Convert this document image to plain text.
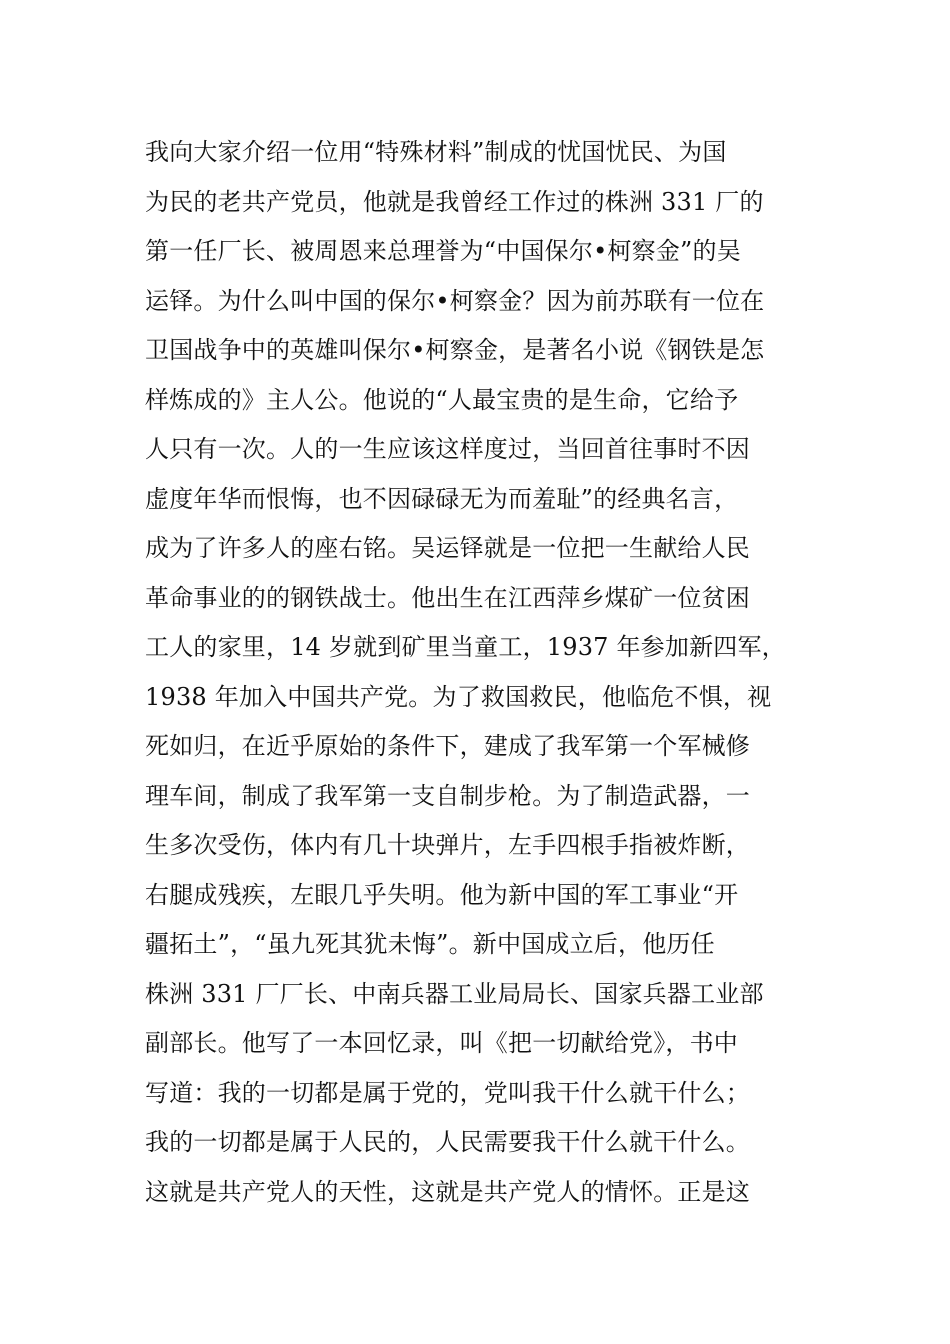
我向大家介绍一位用“特殊材料”制成的忧国忧民、为国
为民的老共产党员，他就是我曾经工作过的株洲 331 厂的
第一任厂长、被周恩来总理誉为“中国保尔•柯察金”的吴
运铎。为什么叫中国的保尔•柯察金？因为前苏联有一位在
卫国战争中的英雄叫保尔•柯察金，是著名小说《钢铁是怎
样炼成的》主人公。他说的“人最宝贵的是生命，它给予
人只有一次。人的一生应该这样度过，当回首往事时不因
虚度年华而恨悔，也不因碌碌无为而羞耻”的经典名言，
成为了许多人的座右铭。吴运铎就是一位把一生献给人民
革命事业的的钢铁战士。他出生在江西萍乡煤矿一位贫困
工人的家里，14 岁就到矿里当童工，1937 年参加新四军，
1938 年加入中国共产党。为了救国救民，他临危不惧，视
死如归，在近乎原始的条件下，建成了我军第一个军械修
理车间，制成了我军第一支自制步枪。为了制造武器，一
生多次受伤，体内有几十块弹片，左手四根手指被炸断，
右腿成残疾，左眼几乎失明。他为新中国的军工事业“开
疆拓土”，“虽九死其犹未悔”。新中国成立后，他历任
株洲 331 厂厂长、中南兵器工业局局长、国家兵器工业部
副部长。他写了一本回忆录，叫《把一切献给党》，书中
写道：我的一切都是属于党的，党叫我干什么就干什么；
我的一切都是属于人民的，人民需要我干什么就干什么。
这就是共产党人的天性，这就是共产党人的情怀。正是这
